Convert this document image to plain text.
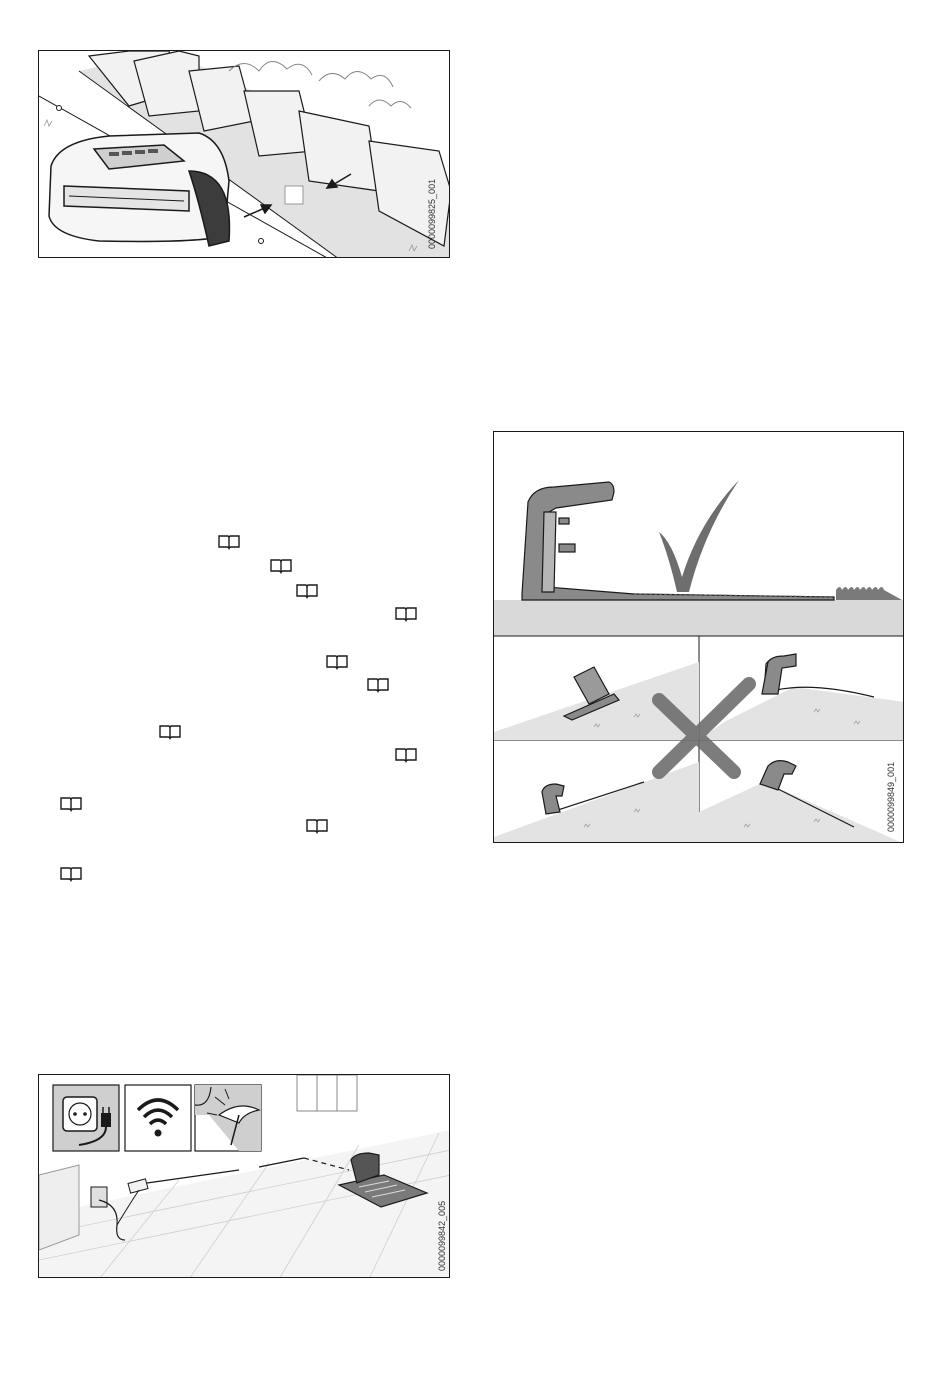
0000099825_001
0000099849_001
0000099842_005
